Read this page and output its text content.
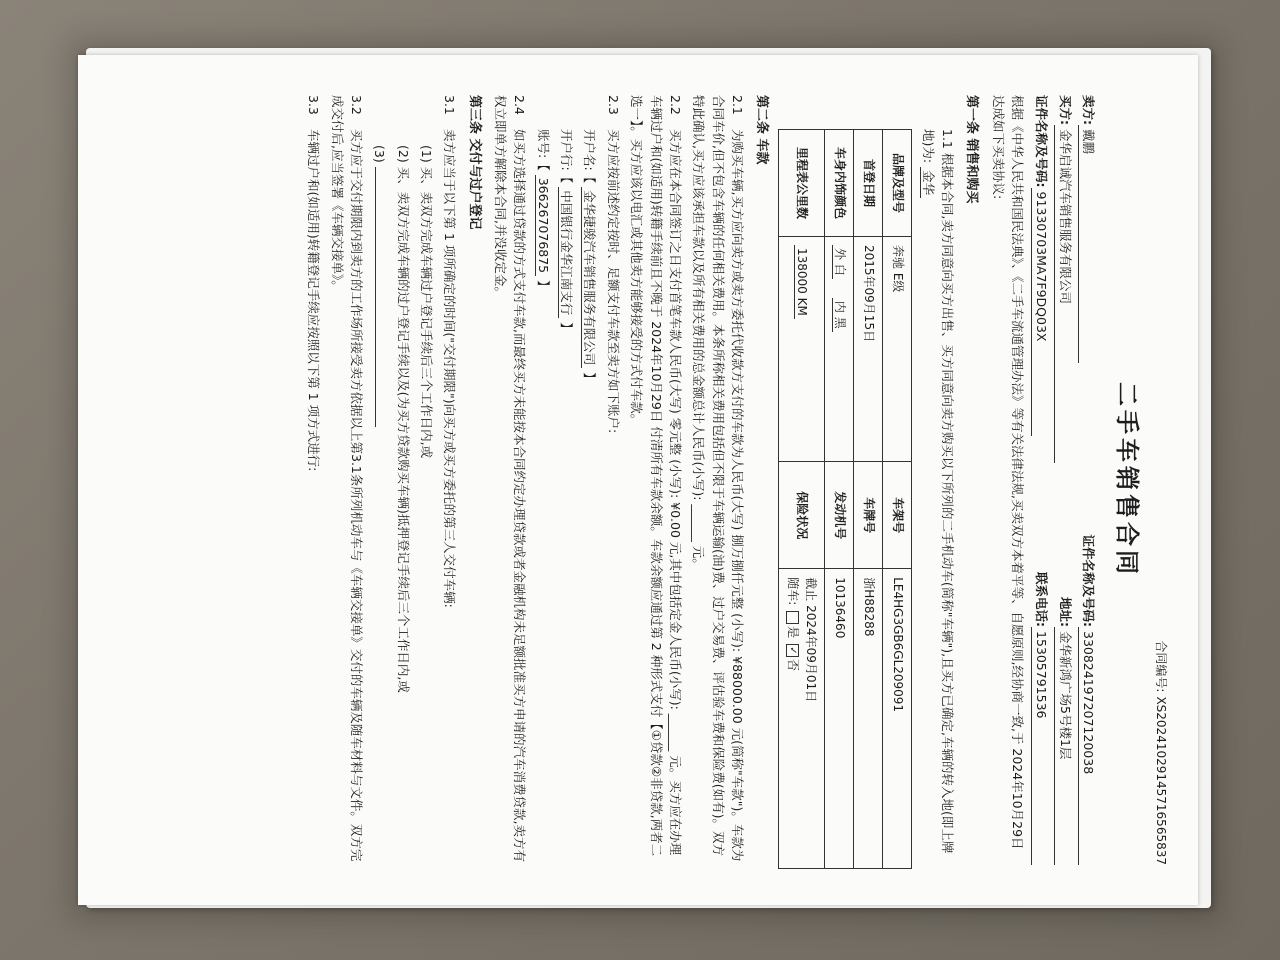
合同编号:XS20241029145716565837
二手车销售合同
卖方:
戴鹏
证件名称及号码:
330824197207120038
买方:
金华启诚汽车销售服务有限公司
地址:
金华新鸿广场5号楼1层
证件名称及号码:
91330703MA7F9DQ03X
联系电话:
15305791536
根据《中华人民共和国民法典》、《二手车流通管理办法》等有关法律法规,买卖双方本着平等、自愿原则,经协商一致,于 2024年10月29日 达成如下买卖协议:
第一条 销售和购买
1.1 根据本合同,卖方同意向买方出售、买方同意向卖方购买以下所列的二手机动车(简称"车辆"),且买方已确定,车辆的转入地(即上牌地)为: 金华
品牌及型号	奔驰 E级	车架号	LE4HG3GB6GL209091
首登日期	2015年09月15日	车牌号	浙H88288
车身内饰颜色	外 白     内 黑	发动机号	10136460
里程表公里数	138000 KM	保险状况	截止 2024年09月01日
随车: 是 ✓否
第二条 车款
2.1为购买车辆,买方应向卖方或卖方委托代收款方支付的车款为人民币(大写) 捌万捌仟元整 (小写): ¥88000.00 元(简称"车款")。车款为合同车价,但不包含车辆的任何相关费用。本条所称相关费用包括但不限于车辆运输(油)费、过户交易费、评估验车费和保险费(如有)。双方特此确认,买方应该承担车款以及所有相关费用的总金额总计人民币(小写): ______ 元。
2.2买方应在本合同签订之日支付首笔车款人民币(大写) 零元整 (小写): ¥0.00 元,其中包括定金人民币(小写): ______ 元。买方应在办理车辆过户和(如适用)转籍手续前且不晚于 2024年10月29日 付清所有车款余额。车款余额应通过第 2 种形式支付【①贷款②非贷款,两者二选一】。买方应该以电汇或其他卖方能够接受的方式付车款。
2.3买方应按前述约定按时、足额支付车款至卖方如下账户:
开户名:【 金华捷骏汽车销售服务有限公司 】
开户行:【 中国银行金华江南支行 】
账号:【 366267076875 】
2.4如买方选择通过贷款的方式支付车款,而最终买方未能按本合同约定办理贷款或者金融机构未足额批准买方申请的汽车消费贷款,卖方有权立即单方解除本合同,并没收定金。
第三条 交付与过户登记
3.1卖方应当于以下第 1 项所确定的时间("交付期限")向买方或买方委托的第三人交付车辆:
(1) 买、卖双方完成车辆过户登记手续后三个工作日内,或
(2) 买、卖双方完成车辆的过户登记手续以及(为买方贷款购买车辆)抵押登记手续后三个工作日内,或
(3)
3.2买方应于交付期限内到卖方的工作场所接受卖方依据以上第3.1条所列机动车与《车辆交接单》交付的车辆及随车材料与文件。双方完成交付后,应当签署《车辆交接单》。
3.3车辆过户和(如适用)转籍登记手续应按照以下第 1 项方式进行:
